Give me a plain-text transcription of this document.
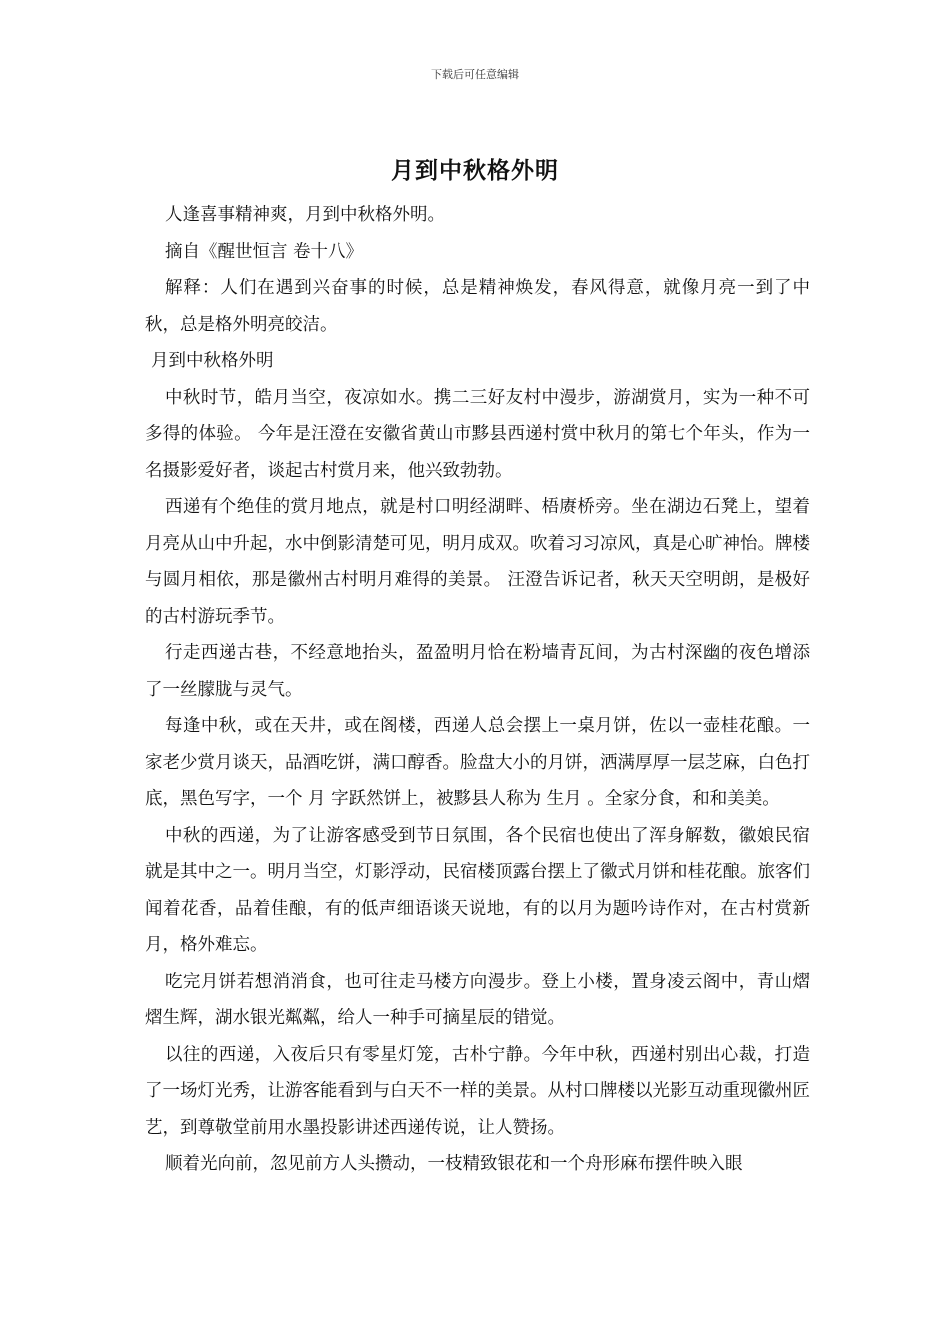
下载后可任意编辑
月到中秋格外明

人逢喜事精神爽，月到中秋格外明。

摘自《醒世恒言 卷十八》

解释：人们在遇到兴奋事的时候，总是精神焕发，春风得意，就像月亮一到了中秋，总是格外明亮皎洁。

月到中秋格外明

中秋时节，皓月当空，夜凉如水。携二三好友村中漫步，游湖赏月，实为一种不可多得的体验。 今年是汪澄在安徽省黄山市黟县西递村赏中秋月的第七个年头，作为一名摄影爱好者，谈起古村赏月来，他兴致勃勃。

西递有个绝佳的赏月地点，就是村口明经湖畔、梧赓桥旁。坐在湖边石凳上，望着月亮从山中升起，水中倒影清楚可见，明月成双。吹着习习凉风，真是心旷神怡。牌楼与圆月相依，那是徽州古村明月难得的美景。 汪澄告诉记者，秋天天空明朗，是极好的古村游玩季节。

行走西递古巷，不经意地抬头，盈盈明月恰在粉墙青瓦间，为古村深幽的夜色增添了一丝朦胧与灵气。

每逢中秋，或在天井，或在阁楼，西递人总会摆上一桌月饼，佐以一壶桂花酿。一家老少赏月谈天，品酒吃饼，满口醇香。脸盘大小的月饼，洒满厚厚一层芝麻，白色打底，黑色写字，一个 月 字跃然饼上，被黟县人称为 生月 。全家分食，和和美美。

中秋的西递，为了让游客感受到节日氛围，各个民宿也使出了浑身解数，徽娘民宿就是其中之一。明月当空，灯影浮动，民宿楼顶露台摆上了徽式月饼和桂花酿。旅客们闻着花香，品着佳酿，有的低声细语谈天说地，有的以月为题吟诗作对，在古村赏新月，格外难忘。

吃完月饼若想消消食，也可往走马楼方向漫步。登上小楼，置身凌云阁中，青山熠熠生辉，湖水银光粼粼，给人一种手可摘星辰的错觉。

以往的西递，入夜后只有零星灯笼，古朴宁静。今年中秋，西递村别出心裁，打造了一场灯光秀，让游客能看到与白天不一样的美景。从村口牌楼以光影互动重现徽州匠艺，到尊敬堂前用水墨投影讲述西递传说，让人赞扬。

顺着光向前，忽见前方人头攒动，一枝精致银花和一个舟形麻布摆件映入眼
